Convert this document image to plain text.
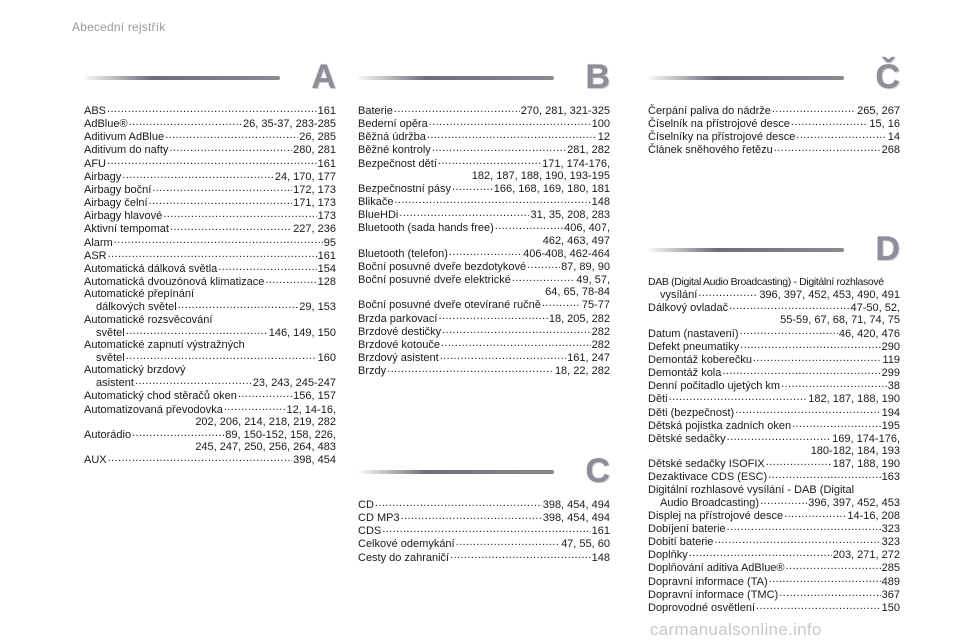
Abecední rejstřík
A
ABS .....	161
AdBlue® .....	26, 35-37, 283-285
Aditivum AdBlue .....	26, 285
Aditivum do nafty .....	280, 281
AFU .....	161
Airbagy .....	24, 170, 177
Airbagy boční .....	172, 173
Airbagy čelní .....	171, 173
Airbagy hlavové .....	173
Aktivní tempomat .....	227, 236
Alarm .....	95
ASR .....	161
Automatická dálková světla .....	154
Automatická dvouzónová klimatizace .....	128
Automatické přepínání
dálkových světel .....	29, 153
Automatické rozsvěcování
světel .....	146, 149, 150
Automatické zapnutí výstražných
světel .....	160
Automatický brzdový
asistent .....	23, 243, 245-247
Automatický chod stěračů oken .....	156, 157
Automatizovaná převodovka .....	12, 14-16,
202, 206, 214, 218, 219, 282
Autorádio .....	89, 150-152, 158, 226,
245, 247, 250, 256, 264, 483
AUX .....	398, 454
B
Baterie .....	270, 281, 321-325
Bederní opěra .....	100
Běžná údržba .....	12
Běžné kontroly .....	281, 282
Bezpečnost dětí .....	171, 174-176,
182, 187, 188, 190, 193-195
Bezpečnostní pásy .....	166, 168, 169, 180, 181
Blikače .....	148
BlueHDi .....	31, 35, 208, 283
Bluetooth (sada hands free) .....	406, 407,
462, 463, 497
Bluetooth (telefon) .....	406-408, 462-464
Boční posuvné dveře bezdotykové .....	87, 89, 90
Boční posuvné dveře elektrické .....	49, 57,
64, 65, 78-84
Boční posuvné dveře otevírané ručně .....	75-77
Brzda parkovací .....	18, 205, 282
Brzdové destičky .....	282
Brzdové kotouče .....	282
Brzdový asistent .....	161, 247
Brzdy .....	18, 22, 282
C
CD .....	398, 454, 494
CD MP3 .....	398, 454, 494
CDS .....	161
Celkové odemykání .....	47, 55, 60
Cesty do zahraničí .....	148
Č
Čerpání paliva do nádrže .....	265, 267
Číselník na přístrojové desce .....	15, 16
Číselníky na přístrojové desce .....	14
Článek sněhového řetězu .....	268
D
DAB (Digital Audio Broadcasting) - Digitální rozhlasové
vysílání .....	396, 397, 452, 453, 490, 491
Dálkový ovladač .....	47-50, 52,
55-59, 67, 68, 71, 74, 75
Datum (nastavení) .....	46, 420, 476
Defekt pneumatiky .....	290
Demontáž koberečku .....	119
Demontáž kola .....	299
Denní počitadlo ujetých km .....	38
Děti .....	182, 187, 188, 190
Děti (bezpečnost) .....	194
Dětská pojistka zadních oken .....	195
Dětské sedačky .....	169, 174-176,
180-182, 184, 193
Dětské sedačky ISOFIX .....	187, 188, 190
Dezaktivace CDS (ESC) .....	163
Digitální rozhlasové vysílání - DAB (Digital
Audio Broadcasting) .....	396, 397, 452, 453
Displej na přístrojové desce .....	14-16, 208
Dobíjení baterie .....	323
Dobití baterie .....	323
Doplňky .....	203, 271, 272
Doplňování aditiva AdBlue® .....	285
Dopravní informace (TA) .....	489
Dopravní informace (TMC) .....	367
Doprovodné osvětlení .....	150
carmanualsonline.info
